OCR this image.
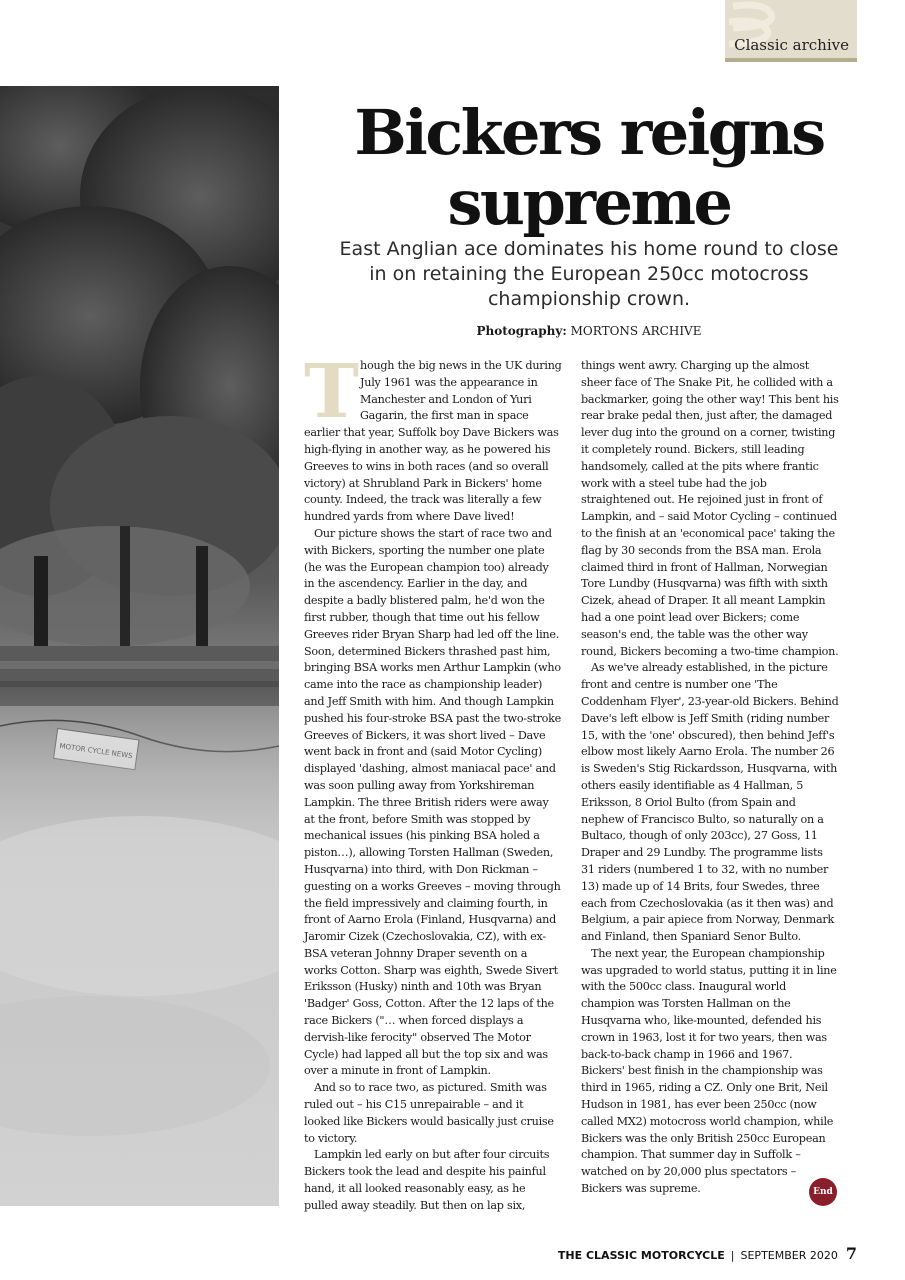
Classic archive
Bickers reigns supreme
East Anglian ace dominates his home round to close in on retaining the European 250cc motocross championship crown.
Photography: MORTONS ARCHIVE

Though the big news in the UK during July 1961 was the appearance in Manchester and London of Yuri Gagarin, the first man in space earlier that year, Suffolk boy Dave Bickers was high-flying in another way, as he powered his Greeves to wins in both races (and so overall victory) at Shrubland Park in Bickers' home county. Indeed, the track was literally a few hundred yards from where Dave lived!

Our picture shows the start of race two and with Bickers, sporting the number one plate (he was the European champion too) already in the ascendency. Earlier in the day, and despite a badly blistered palm, he'd won the first rubber, though that time out his fellow Greeves rider Bryan Sharp had led off the line. Soon, determined Bickers thrashed past him, bringing BSA works men Arthur Lampkin (who came into the race as championship leader) and Jeff Smith with him. And though Lampkin pushed his four-stroke BSA past the two-stroke Greeves of Bickers, it was short lived – Dave went back in front and (said Motor Cycling) displayed 'dashing, almost maniacal pace' and was soon pulling away from Yorkshireman Lampkin. The three British riders were away at the front, before Smith was stopped by mechanical issues (his pinking BSA holed a piston…), allowing Torsten Hallman (Sweden, Husqvarna) into third, with Don Rickman – guesting on a works Greeves – moving through the field impressively and claiming fourth, in front of Aarno Erola (Finland, Husqvarna) and Jaromir Cizek (Czechoslovakia, CZ), with ex-BSA veteran Johnny Draper seventh on a works Cotton. Sharp was eighth, Swede Sivert Eriksson (Husky) ninth and 10th was Bryan 'Badger' Goss, Cotton. After the 12 laps of the race Bickers ("… when forced displays a dervish-like ferocity" observed The Motor Cycle) had lapped all but the top six and was over a minute in front of Lampkin.

And so to race two, as pictured. Smith was ruled out – his C15 unrepairable – and it looked like Bickers would basically just cruise to victory.

Lampkin led early on but after four circuits Bickers took the lead and despite his painful hand, it all looked reasonably easy, as he pulled away steadily. But then on lap six,

things went awry. Charging up the almost sheer face of The Snake Pit, he collided with a backmarker, going the other way! This bent his rear brake pedal then, just after, the damaged lever dug into the ground on a corner, twisting it completely round. Bickers, still leading handsomely, called at the pits where frantic work with a steel tube had the job straightened out. He rejoined just in front of Lampkin, and – said Motor Cycling – continued to the finish at an 'economical pace' taking the flag by 30 seconds from the BSA man. Erola claimed third in front of Hallman, Norwegian Tore Lundby (Husqvarna) was fifth with sixth Cizek, ahead of Draper. It all meant Lampkin had a one point lead over Bickers; come season's end, the table was the other way round, Bickers becoming a two-time champion.

As we've already established, in the picture front and centre is number one 'The Coddenham Flyer', 23-year-old Bickers. Behind Dave's left elbow is Jeff Smith (riding number 15, with the 'one' obscured), then behind Jeff's elbow most likely Aarno Erola. The number 26 is Sweden's Stig Rickardsson, Husqvarna, with others easily identifiable as 4 Hallman, 5 Eriksson, 8 Oriol Bulto (from Spain and nephew of Francisco Bulto, so naturally on a Bultaco, though of only 203cc), 27 Goss, 11 Draper and 29 Lundby. The programme lists 31 riders (numbered 1 to 32, with no number 13) made up of 14 Brits, four Swedes, three each from Czechoslovakia (as it then was) and Belgium, a pair apiece from Norway, Denmark and Finland, then Spaniard Senor Bulto.

The next year, the European championship was upgraded to world status, putting it in line with the 500cc class. Inaugural world champion was Torsten Hallman on the Husqvarna who, like-mounted, defended his crown in 1963, lost it for two years, then was back-to-back champ in 1966 and 1967. Bickers' best finish in the championship was third in 1965, riding a CZ. Only one Brit, Neil Hudson in 1981, has ever been 250cc (now called MX2) motocross world champion, while Bickers was the only British 250cc European champion. That summer day in Suffolk – watched on by 20,000 plus spectators – Bickers was supreme.	End
THE CLASSIC MOTORCYCLE | SEPTEMBER 2020 7
